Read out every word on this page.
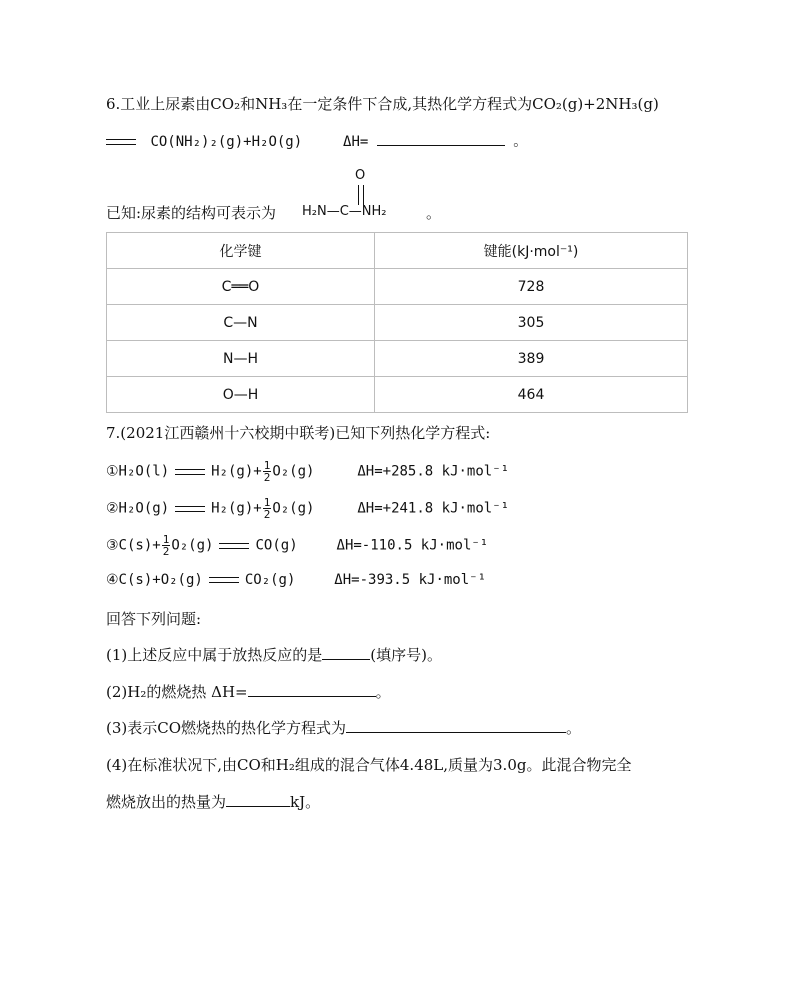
6.工业上尿素由CO₂和NH₃在一定条件下合成,其热化学方程式为CO₂(g)+2NH₃(g)
CO(NH₂)₂(g)+H₂O(g)	ΔH=	。
已知:尿素的结构可表示为
O
H₂N—C—NH₂	。
化学键	键能(kJ·mol⁻¹)
C══O	728
C—N	305
N—H	389
O—H	464
7.(2021江西赣州十六校期中联考)已知下列热化学方程式:
①H₂O(l)	$H_2(g)+ \frac{1}{2} O_2(g)$	ΔH=+285.8 kJ·mol⁻¹
②H₂O(g)	$H_2(g)+ \frac{1}{2} O_2(g)$	ΔH=+241.8 kJ·mol⁻¹
③C(s)+ $\frac{1}{2} O_2(g)$	CO(g)	ΔH=-110.5 kJ·mol⁻¹
④C(s)+O₂(g)	CO₂(g)	ΔH=-393.5 kJ·mol⁻¹
回答下列问题:
(1)上述反应中属于放热反应的是	(填序号)。
(2)H₂的燃烧热 ΔH=	。
(3)表示CO燃烧热的热化学方程式为	。
(4)在标准状况下,由CO和H₂组成的混合气体4.48L,质量为3.0g。此混合物完全
燃烧放出的热量为	kJ。
